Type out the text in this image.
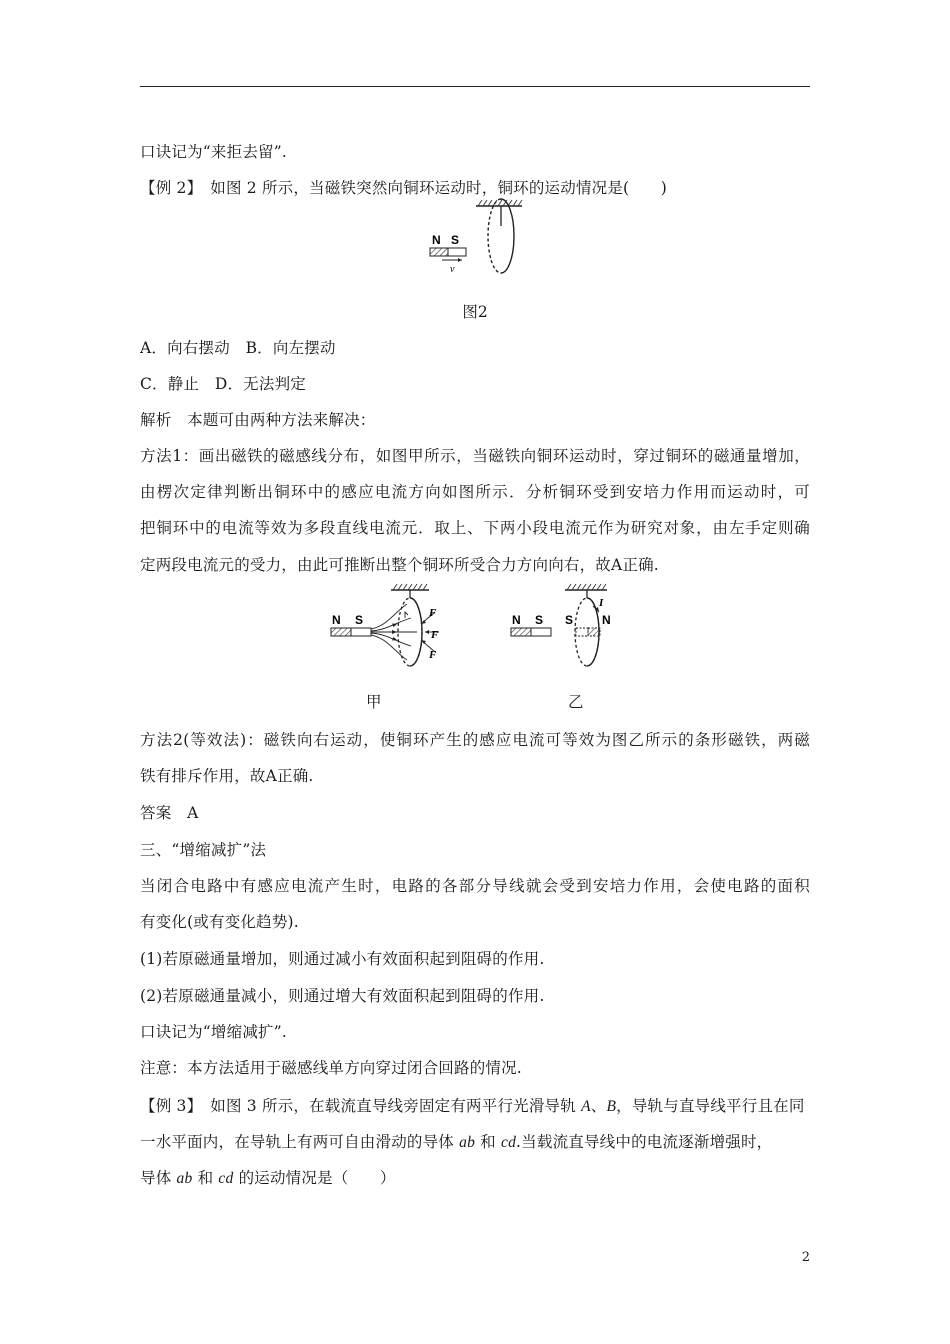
口诀记为“来拒去留”.
【例 2】　如图 2 所示，当磁铁突然向铜环运动时，铜环的运动情况是(　　)
N S
v
图2
A．向右摆动　B．向左摆动
C．静止　D．无法判定
解析　本题可由两种方法来解决：
方法1：画出磁铁的磁感线分布，如图甲所示，当磁铁向铜环运动时，穿过铜环的磁通量增加，
由楞次定律判断出铜环中的感应电流方向如图所示．分析铜环受到安培力作用而运动时，可
把铜环中的电流等效为多段直线电流元．取上、下两小段电流元作为研究对象，由左手定则确
定两段电流元的受力，由此可推断出整个铜环所受合力方向向右，故A正确.
N S	F
F
F
S N
I
N S
甲	乙
方法2(等效法)：磁铁向右运动，使铜环产生的感应电流可等效为图乙所示的条形磁铁，两磁
铁有排斥作用，故A正确.
答案　A
三、“增缩减扩”法
当闭合电路中有感应电流产生时，电路的各部分导线就会受到安培力作用，会使电路的面积
有变化(或有变化趋势).
(1)若原磁通量增加，则通过减小有效面积起到阻碍的作用.
(2)若原磁通量减小，则通过增大有效面积起到阻碍的作用.
口诀记为“增缩减扩”.
注意：本方法适用于磁感线单方向穿过闭合回路的情况.
【例 3】　如图 3 所示，在载流直导线旁固定有两平行光滑导轨 A、B，导轨与直导线平行且在同
一水平面内，在导轨上有两可自由滑动的导体 ab 和 cd.当载流直导线中的电流逐渐增强时，
导体 ab 和 cd 的运动情况是（　　）
2
